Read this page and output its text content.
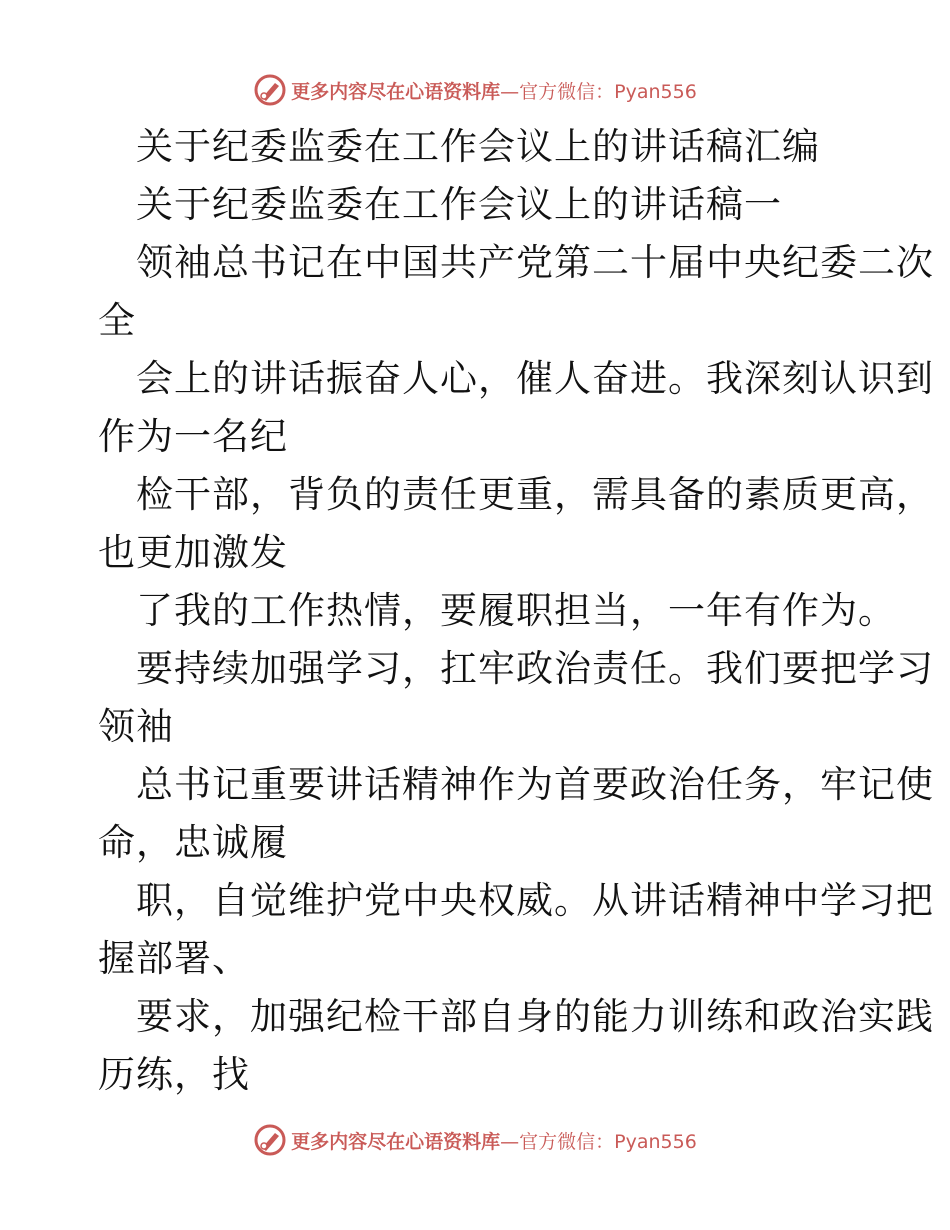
更多内容尽在心语资料库 —官方微信：Pyan556
关于纪委监委在工作会议上的讲话稿汇编
关于纪委监委在工作会议上的讲话稿一
领袖总书记在中国共产党第二十届中央纪委二次
全
会上的讲话振奋人心，催人奋进。我深刻认识到
作为一名纪
检干部，背负的责任更重，需具备的素质更高，
也更加激发
了我的工作热情，要履职担当，一年有作为。
要持续加强学习，扛牢政治责任。我们要把学习
领袖
总书记重要讲话精神作为首要政治任务，牢记使
命，忠诚履
职，自觉维护党中央权威。从讲话精神中学习把
握部署、
要求，加强纪检干部自身的能力训练和政治实践
历练，找
更多内容尽在心语资料库 —官方微信：Pyan556
